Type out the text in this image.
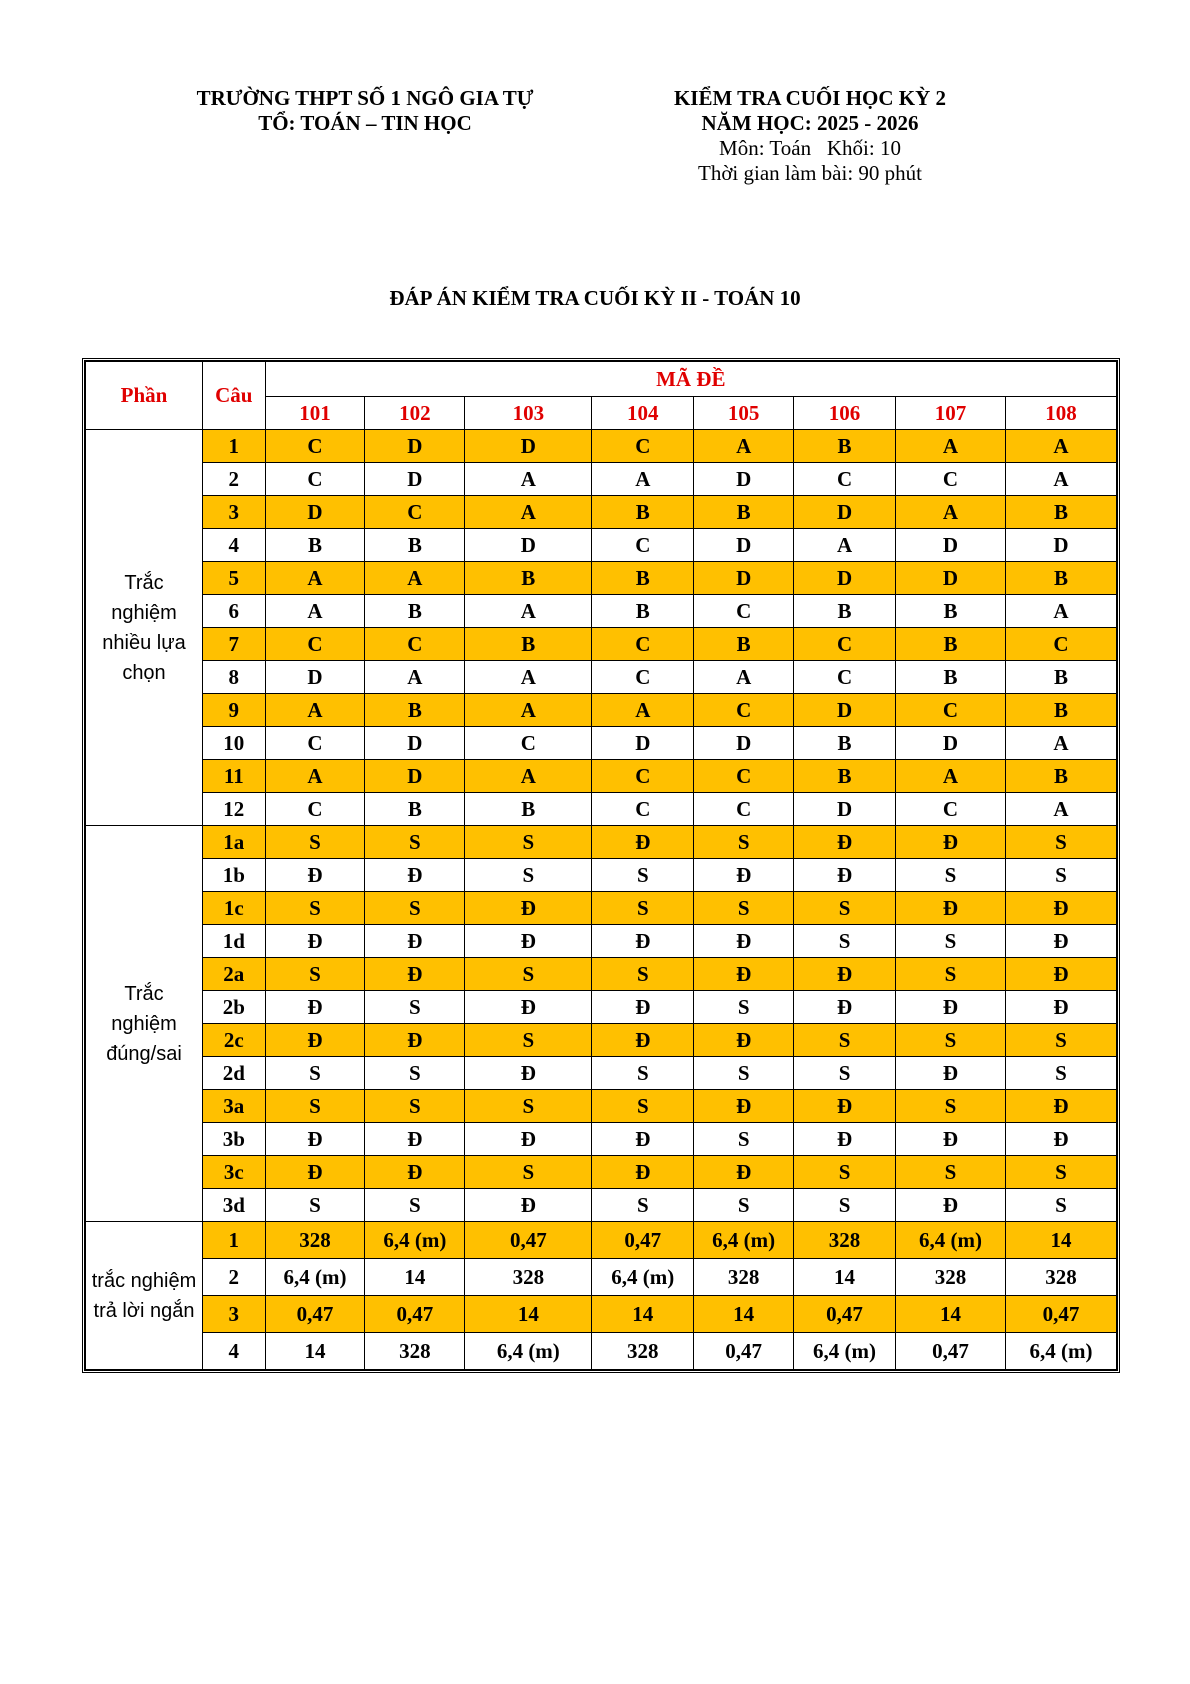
TRƯỜNG THPT SỐ 1 NGÔ GIA TỰ
TỔ: TOÁN – TIN HỌC
KIỂM TRA CUỐI HỌC KỲ 2
NĂM HỌC: 2025 - 2026
Môn: Toán   Khối: 10
Thời gian làm bài: 90 phút
ĐÁP ÁN KIỂM TRA CUỐI KỲ II - TOÁN 10
Phần	Câu	MÃ ĐỀ							
		101	102	103	104	105	106	107	108
Trắc nghiệm nhiều lựa chọn	1	C	D	D	C	A	B	A	A
	2	C	D	A	A	D	C	C	A
	3	D	C	A	B	B	D	A	B
	4	B	B	D	C	D	A	D	D
	5	A	A	B	B	D	D	D	B
	6	A	B	A	B	C	B	B	A
	7	C	C	B	C	B	C	B	C
	8	D	A	A	C	A	C	B	B
	9	A	B	A	A	C	D	C	B
	10	C	D	C	D	D	B	D	A
	11	A	D	A	C	C	B	A	B
	12	C	B	B	C	C	D	C	A
Trắc nghiệm đúng/sai	1a	S	S	S	Đ	S	Đ	Đ	S
	1b	Đ	Đ	S	S	Đ	Đ	S	S
	1c	S	S	Đ	S	S	S	Đ	Đ
	1d	Đ	Đ	Đ	Đ	Đ	S	S	Đ
	2a	S	Đ	S	S	Đ	Đ	S	Đ
	2b	Đ	S	Đ	Đ	S	Đ	Đ	Đ
	2c	Đ	Đ	S	Đ	Đ	S	S	S
	2d	S	S	Đ	S	S	S	Đ	S
	3a	S	S	S	S	Đ	Đ	S	Đ
	3b	Đ	Đ	Đ	Đ	S	Đ	Đ	Đ
	3c	Đ	Đ	S	Đ	Đ	S	S	S
	3d	S	S	Đ	S	S	S	Đ	S
trắc nghiệm trả lời ngắn	1	328	6,4 (m)	0,47	0,47	6,4 (m)	328	6,4 (m)	14
	2	6,4 (m)	14	328	6,4 (m)	328	14	328	328
	3	0,47	0,47	14	14	14	0,47	14	0,47
	4	14	328	6,4 (m)	328	0,47	6,4 (m)	0,47	6,4 (m)
